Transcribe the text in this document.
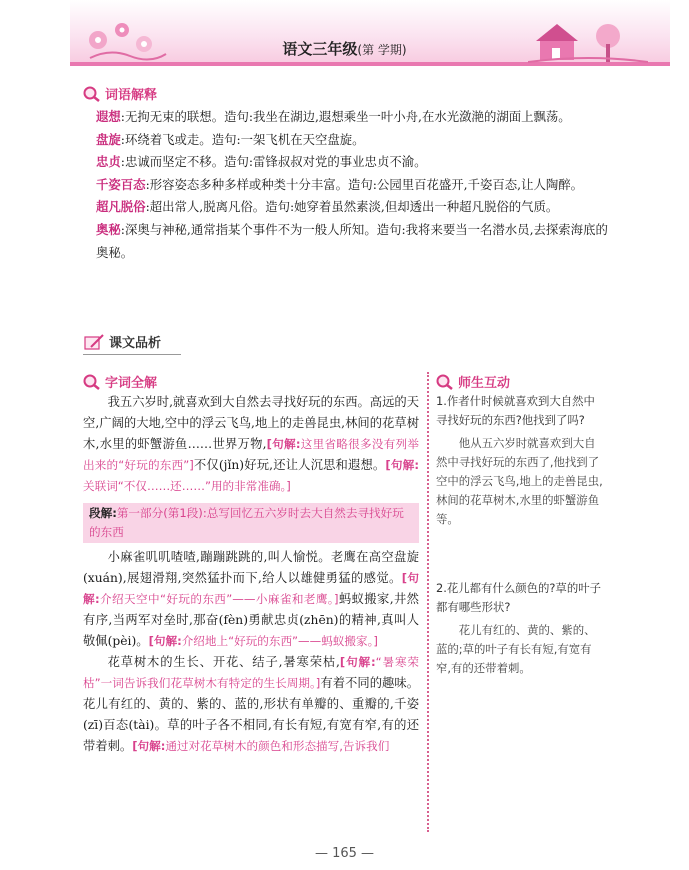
语文三年级(第 学期)
词语解释

遐想:无拘无束的联想。造句:我坐在湖边,遐想乘坐一叶小舟,在水光潋滟的湖面上飘荡。

盘旋:环绕着飞或走。造句:一架飞机在天空盘旋。

忠贞:忠诚而坚定不移。造句:雷锋叔叔对党的事业忠贞不渝。

千姿百态:形容姿态多种多样或种类十分丰富。造句:公园里百花盛开,千姿百态,让人陶醉。

超凡脱俗:超出常人,脱离凡俗。造句:她穿着虽然素淡,但却透出一种超凡脱俗的气质。

奥秘:深奥与神秘,通常指某个事件不为一般人所知。造句:我将来要当一名潜水员,去探索海底的奥秘。

课文品析
字词全解	师生互动

我五六岁时,就喜欢到大自然去寻找好玩的东西。高远的天空,广阔的大地,空中的浮云飞鸟,地上的走兽昆虫,林间的花草树木,水里的虾蟹游鱼……世界万物,[句解:这里省略很多没有列举出来的“好玩的东西”]不仅(jǐn)好玩,还让人沉思和遐想。[句解:关联词“不仅……还……”用的非常准确。]

段解:第一部分(第1段):总写回忆五六岁时去大自然去寻找好玩的东西

小麻雀叽叽喳喳,蹦蹦跳跳的,叫人愉悦。老鹰在高空盘旋(xuán),展翅滑翔,突然猛扑而下,给人以雄健勇猛的感觉。[句解:介绍天空中“好玩的东西”——小麻雀和老鹰。]蚂蚁搬家,井然有序,当两军对垒时,那奋(fèn)勇献忠贞(zhēn)的精神,真叫人敬佩(pèi)。[句解:介绍地上“好玩的东西”——蚂蚁搬家。]

花草树木的生长、开花、结子,暑寒荣枯,[句解:“暑寒荣枯”一词告诉我们花草树木有特定的生长周期。]有着不同的趣味。花儿有红的、黄的、紫的、蓝的,形状有单瓣的、重瓣的,千姿(zī)百态(tài)。草的叶子各不相同,有长有短,有宽有窄,有的还带着刺。[句解:通过对花草树木的颜色和形态描写,告诉我们

1.作者什时候就喜欢到大自然中寻找好玩的东西?他找到了吗?

他从五六岁时就喜欢到大自然中寻找好玩的东西了,他找到了空中的浮云飞鸟,地上的走兽昆虫,林间的花草树木,水里的虾蟹游鱼等。

2.花儿都有什么颜色的?草的叶子都有哪些形状?

花儿有红的、黄的、紫的、蓝的;草的叶子有长有短,有宽有窄,有的还带着刺。

— 165 —
